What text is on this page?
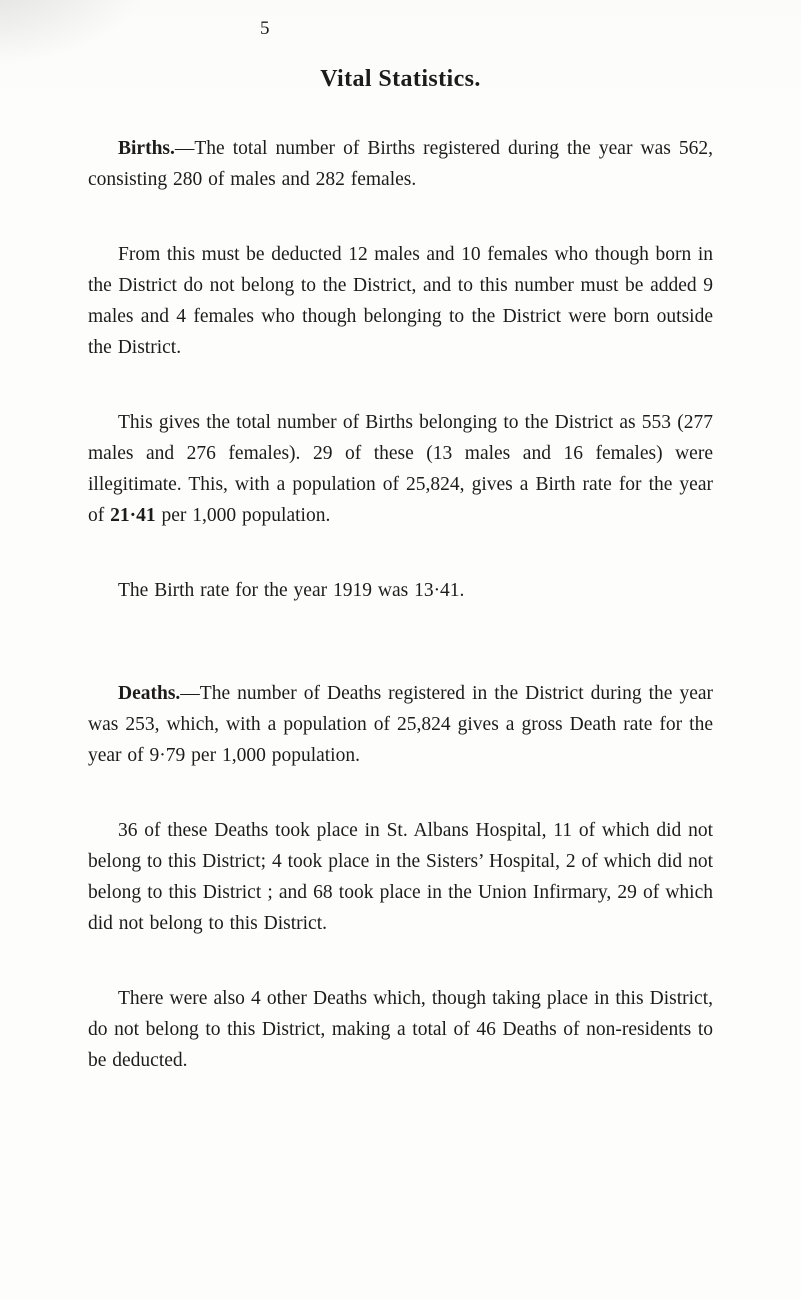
5
Vital Statistics.

Births.—The total number of Births registered during the year was 562, consisting 280 of males and 282 females.

From this must be deducted 12 males and 10 females who though born in the District do not belong to the District, and to this number must be added 9 males and 4 females who though belonging to the District were born outside the District.

This gives the total number of Births belonging to the District as 553 (277 males and 276 females). 29 of these (13 males and 16 females) were illegitimate. This, with a population of 25,824, gives a Birth rate for the year of 21·41 per 1,000 population.

The Birth rate for the year 1919 was 13·41.

Deaths.—The number of Deaths registered in the District during the year was 253, which, with a population of 25,824 gives a gross Death rate for the year of 9·79 per 1,000 population.

36 of these Deaths took place in St. Albans Hospital, 11 of which did not belong to this District; 4 took place in the Sisters’ Hospital, 2 of which did not belong to this District ; and 68 took place in the Union Infirmary, 29 of which did not belong to this District.

There were also 4 other Deaths which, though taking place in this District, do not belong to this District, making a total of 46 Deaths of non-residents to be deducted.
